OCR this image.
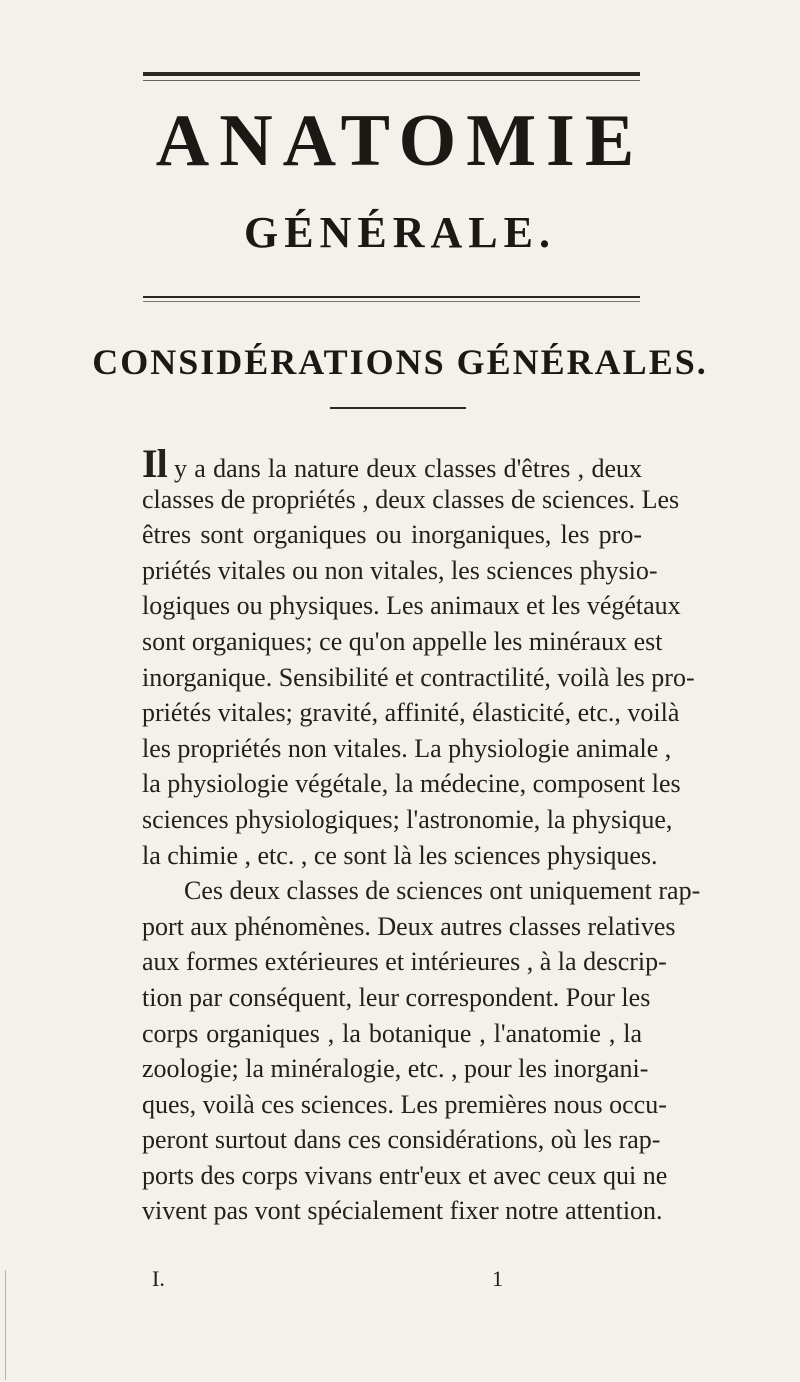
ANATOMIE
GÉNÉRALE.
CONSIDÉRATIONS GÉNÉRALES.
Il y a dans la nature deux classes d'êtres , deux
classes de propriétés , deux classes de sciences. Les
êtres sont organiques ou inorganiques, les pro-
priétés vitales ou non vitales, les sciences physio-
logiques ou physiques. Les animaux et les végétaux
sont organiques; ce qu'on appelle les minéraux est
inorganique. Sensibilité et contractilité, voilà les pro-
priétés vitales; gravité, affinité, élasticité, etc., voilà
les propriétés non vitales. La physiologie animale ,
la physiologie végétale, la médecine, composent les
sciences physiologiques; l'astronomie, la physique,
la chimie , etc. , ce sont là les sciences physiques.
Ces deux classes de sciences ont uniquement rap-
port aux phénomènes. Deux autres classes relatives
aux formes extérieures et intérieures , à la descrip-
tion par conséquent, leur correspondent. Pour les
corps organiques , la botanique , l'anatomie , la
zoologie; la minéralogie, etc. , pour les inorgani-
ques, voilà ces sciences. Les premières nous occu-
peront surtout dans ces considérations, où les rap-
ports des corps vivans entr'eux et avec ceux qui ne
vivent pas vont spécialement fixer notre attention.
I.	1
